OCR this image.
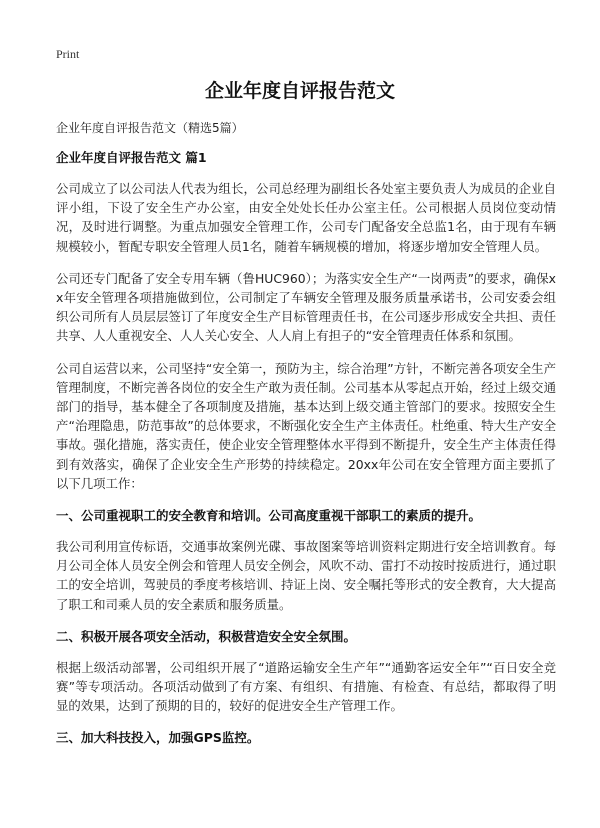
Print
企业年度自评报告范文
企业年度自评报告范文（精选5篇）
企业年度自评报告范文 篇1

公司成立了以公司法人代表为组长，公司总经理为副组长各处室主要负责人为成员的企业自评小组，下设了安全生产办公室，由安全处处长任办公室主任。公司根据人员岗位变动情况，及时进行调整。为重点加强安全管理工作，公司专门配备安全总监1名，由于现有车辆规模较小，暂配专职安全管理人员1名，随着车辆规模的增加，将逐步增加安全管理人员。

公司还专门配备了安全专用车辆（鲁HUC960）；为落实安全生产“一岗两责”的要求，确保xx年安全管理各项措施做到位，公司制定了车辆安全管理及服务质量承诺书，公司安委会组织公司所有人员层层签订了年度安全生产目标管理责任书，在公司逐步形成安全共担、责任共享、人人重视安全、人人关心安全、人人肩上有担子的“安全管理责任体系和氛围。

公司自运营以来，公司坚持“安全第一，预防为主，综合治理”方针，不断完善各项安全生产管理制度，不断完善各岗位的安全生产敢为责任制。公司基本从零起点开始，经过上级交通部门的指导，基本健全了各项制度及措施，基本达到上级交通主管部门的要求。按照安全生产“治理隐患，防范事故”的总体要求，不断强化安全生产主体责任。杜绝重、特大生产安全事故。强化措施，落实责任，使企业安全管理整体水平得到不断提升，安全生产主体责任得到有效落实，确保了企业安全生产形势的持续稳定。20xx年公司在安全管理方面主要抓了以下几项工作：

一、公司重视职工的安全教育和培训。公司高度重视干部职工的素质的提升。

我公司利用宣传标语，交通事故案例光碟、事故图案等培训资料定期进行安全培训教育。每月公司全体人员安全例会和管理人员安全例会，风吹不动、雷打不动按时按质进行，通过职工的安全培训，驾驶员的季度考核培训、持证上岗、安全嘱托等形式的安全教育，大大提高了职工和司乘人员的安全素质和服务质量。

二、积极开展各项安全活动，积极营造安全安全氛围。

根据上级活动部署，公司组织开展了“道路运输安全生产年”“通勤客运安全年”“百日安全竞赛”等专项活动。各项活动做到了有方案、有组织、有措施、有检查、有总结，都取得了明显的效果，达到了预期的目的，较好的促进安全生产管理工作。

三、加大科技投入，加强GPS监控。
